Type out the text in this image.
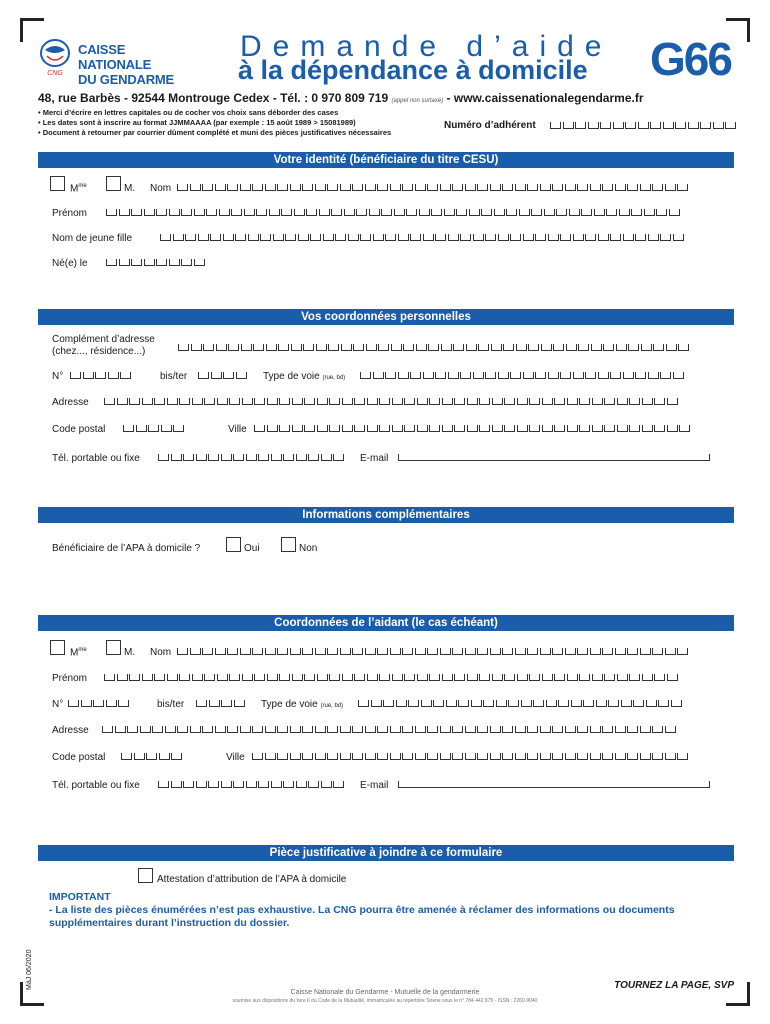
CNG
CAISSE NATIONALE
DU GENDARME
Demande d’aide
à la dépendance à domicile G66
48, rue Barbès - 92544 Montrouge Cedex - Tél. : 0 970 809 719 (appel non surtaxé) - www.caissenationalegendarme.fr
• Merci d’écrire en lettres capitales ou de cocher vos choix sans déborder des cases
• Les dates sont à inscrire au format JJMMAAAA (par exemple : 15 août 1989 > 15081989)
• Document à retourner par courrier dûment complété et muni des pièces justificatives nécessaires
Numéro d’adhérent
Votre identité (bénéficiaire du titre CESU)
$M^{me}$	M. Nom
Prénom
Nom de jeune fille
Né(e) le
Vos coordonnées personnelles
Complément d’adresse
(chez..., résidence...)
N°	bis/ter	Type de voie (rue, bd)
Adresse
Code postal	Ville
Tél. portable ou fixe	E-mail
Informations complémentaires
Bénéficiaire de l’APA à domicile ?	Oui	Non
Coordonnées de l’aidant (le cas échéant)
$M^{me}$	M. Nom
Prénom
N°	bis/ter	Type de voie (rue, bd)
Adresse
Code postal	Ville
Tél. portable ou fixe	E-mail
Pièce justificative à joindre à ce formulaire
Attestation d’attribution de l’APA à domicile
IMPORTANT
- La liste des pièces énumérées n’est pas exhaustive. La CNG pourra être amenée à réclamer des informations ou documents supplémentaires durant l’instruction du dossier.
MàJ 06/2020	TOURNEZ LA PAGE, SVP
Caisse Nationale du Gendarme - Mutuelle de la gendarmerie
soumise aux dispositions du livre II du Code de la Mutualité, immatriculée au répertoire Sirene sous le n° 784 442 875 - ISSN : 2260-9040
